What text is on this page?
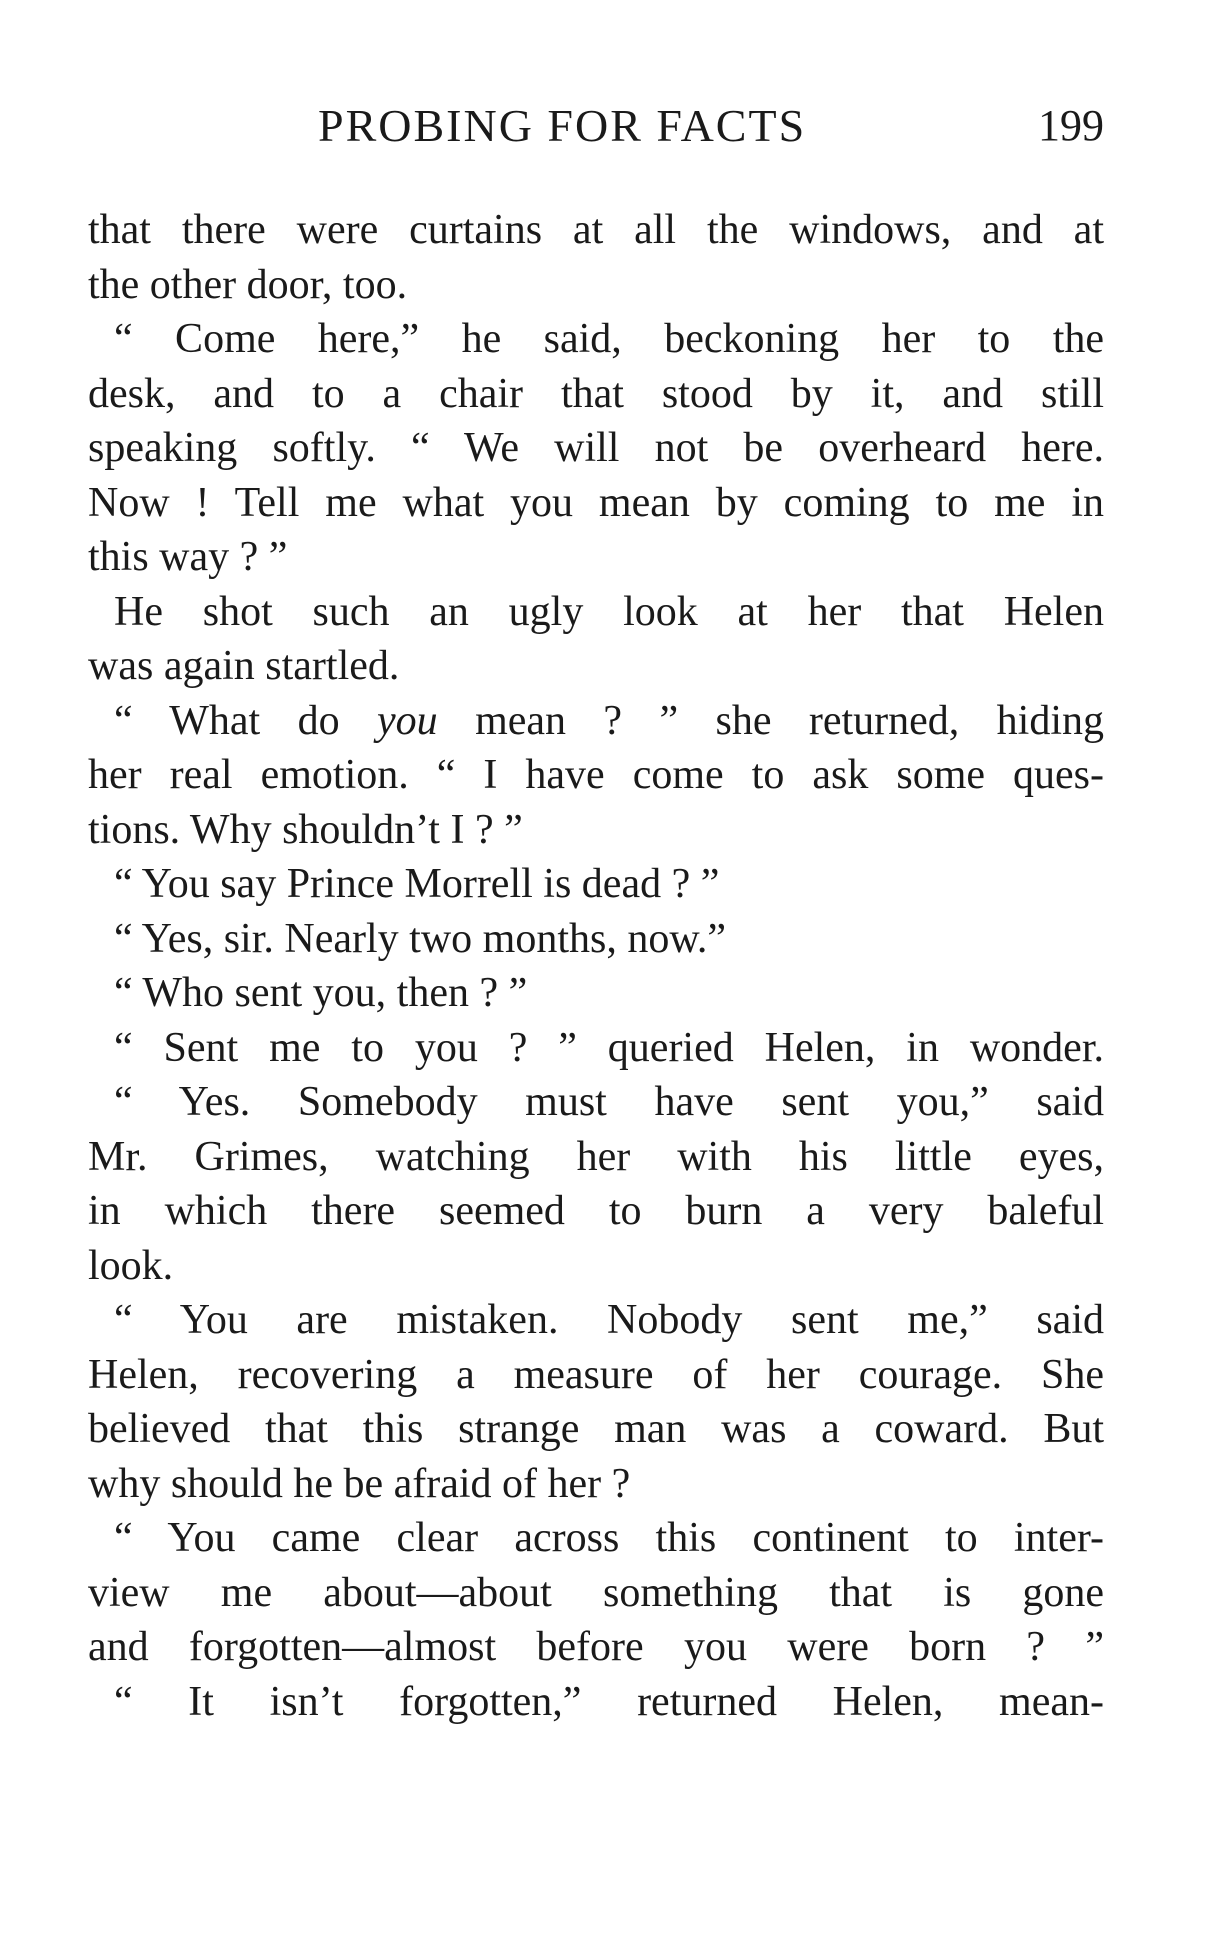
PROBING FOR FACTS	199
that there were curtains at all the windows, and at
the other door, too.
“ Come here,” he said, beckoning her to the
desk, and to a chair that stood by it, and still
speaking softly. “ We will not be overheard here.
Now ! Tell me what you mean by coming to me in
this way ? ”
He shot such an ugly look at her that Helen
was again startled.
“ What do you mean ? ” she returned, hiding
her real emotion. “ I have come to ask some ques-
tions. Why shouldn’t I ? ”
“ You say Prince Morrell is dead ? ”
“ Yes, sir. Nearly two months, now.”
“ Who sent you, then ? ”
“ Sent me to you ? ” queried Helen, in wonder.
“ Yes. Somebody must have sent you,” said
Mr. Grimes, watching her with his little eyes,
in which there seemed to burn a very baleful
look.
“ You are mistaken. Nobody sent me,” said
Helen, recovering a measure of her courage. She
believed that this strange man was a coward. But
why should he be afraid of her ?
“ You came clear across this continent to inter-
view me about—about something that is gone
and forgotten—almost before you were born ? ”
“ It isn’t forgotten,” returned Helen, mean-
